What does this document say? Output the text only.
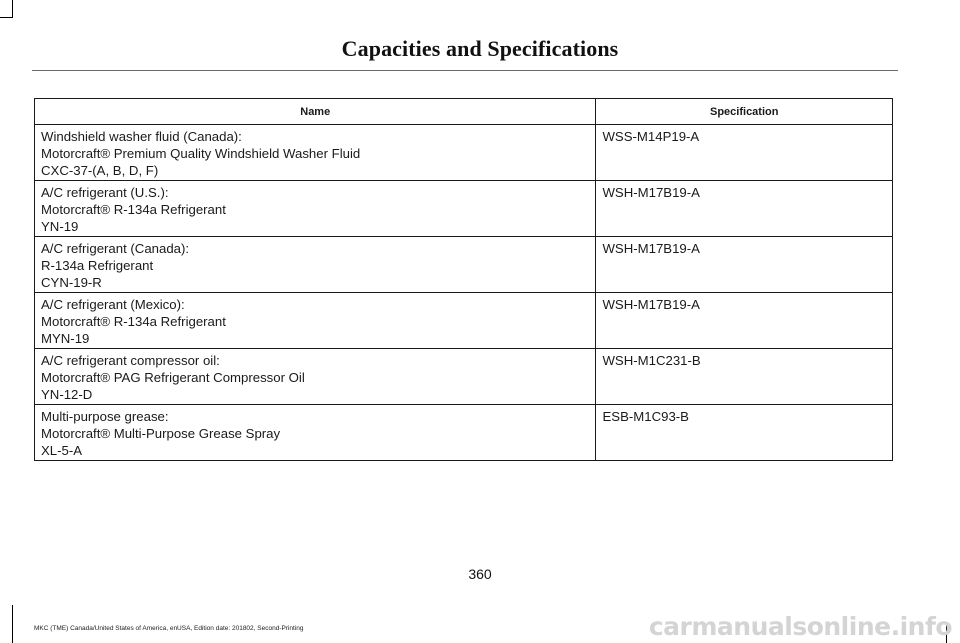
Capacities and Specifications
Name	Specification

Windshield washer fluid (Canada):
Motorcraft® Premium Quality Windshield Washer Fluid
CXC-37-(A, B, D, F)	WSS-M14P19-A

A/C refrigerant (U.S.):
Motorcraft® R-134a Refrigerant
YN-19	WSH-M17B19-A

A/C refrigerant (Canada):
R-134a Refrigerant
CYN-19-R	WSH-M17B19-A

A/C refrigerant (Mexico):
Motorcraft® R-134a Refrigerant
MYN-19	WSH-M17B19-A

A/C refrigerant compressor oil:
Motorcraft® PAG Refrigerant Compressor Oil
YN-12-D	WSH-M1C231-B

Multi-purpose grease:
Motorcraft® Multi-Purpose Grease Spray
XL-5-A	ESB-M1C93-B
360
MKC (TME) Canada/United States of America, enUSA, Edition date: 201802, Second-Printing	carmanualsonline.info
